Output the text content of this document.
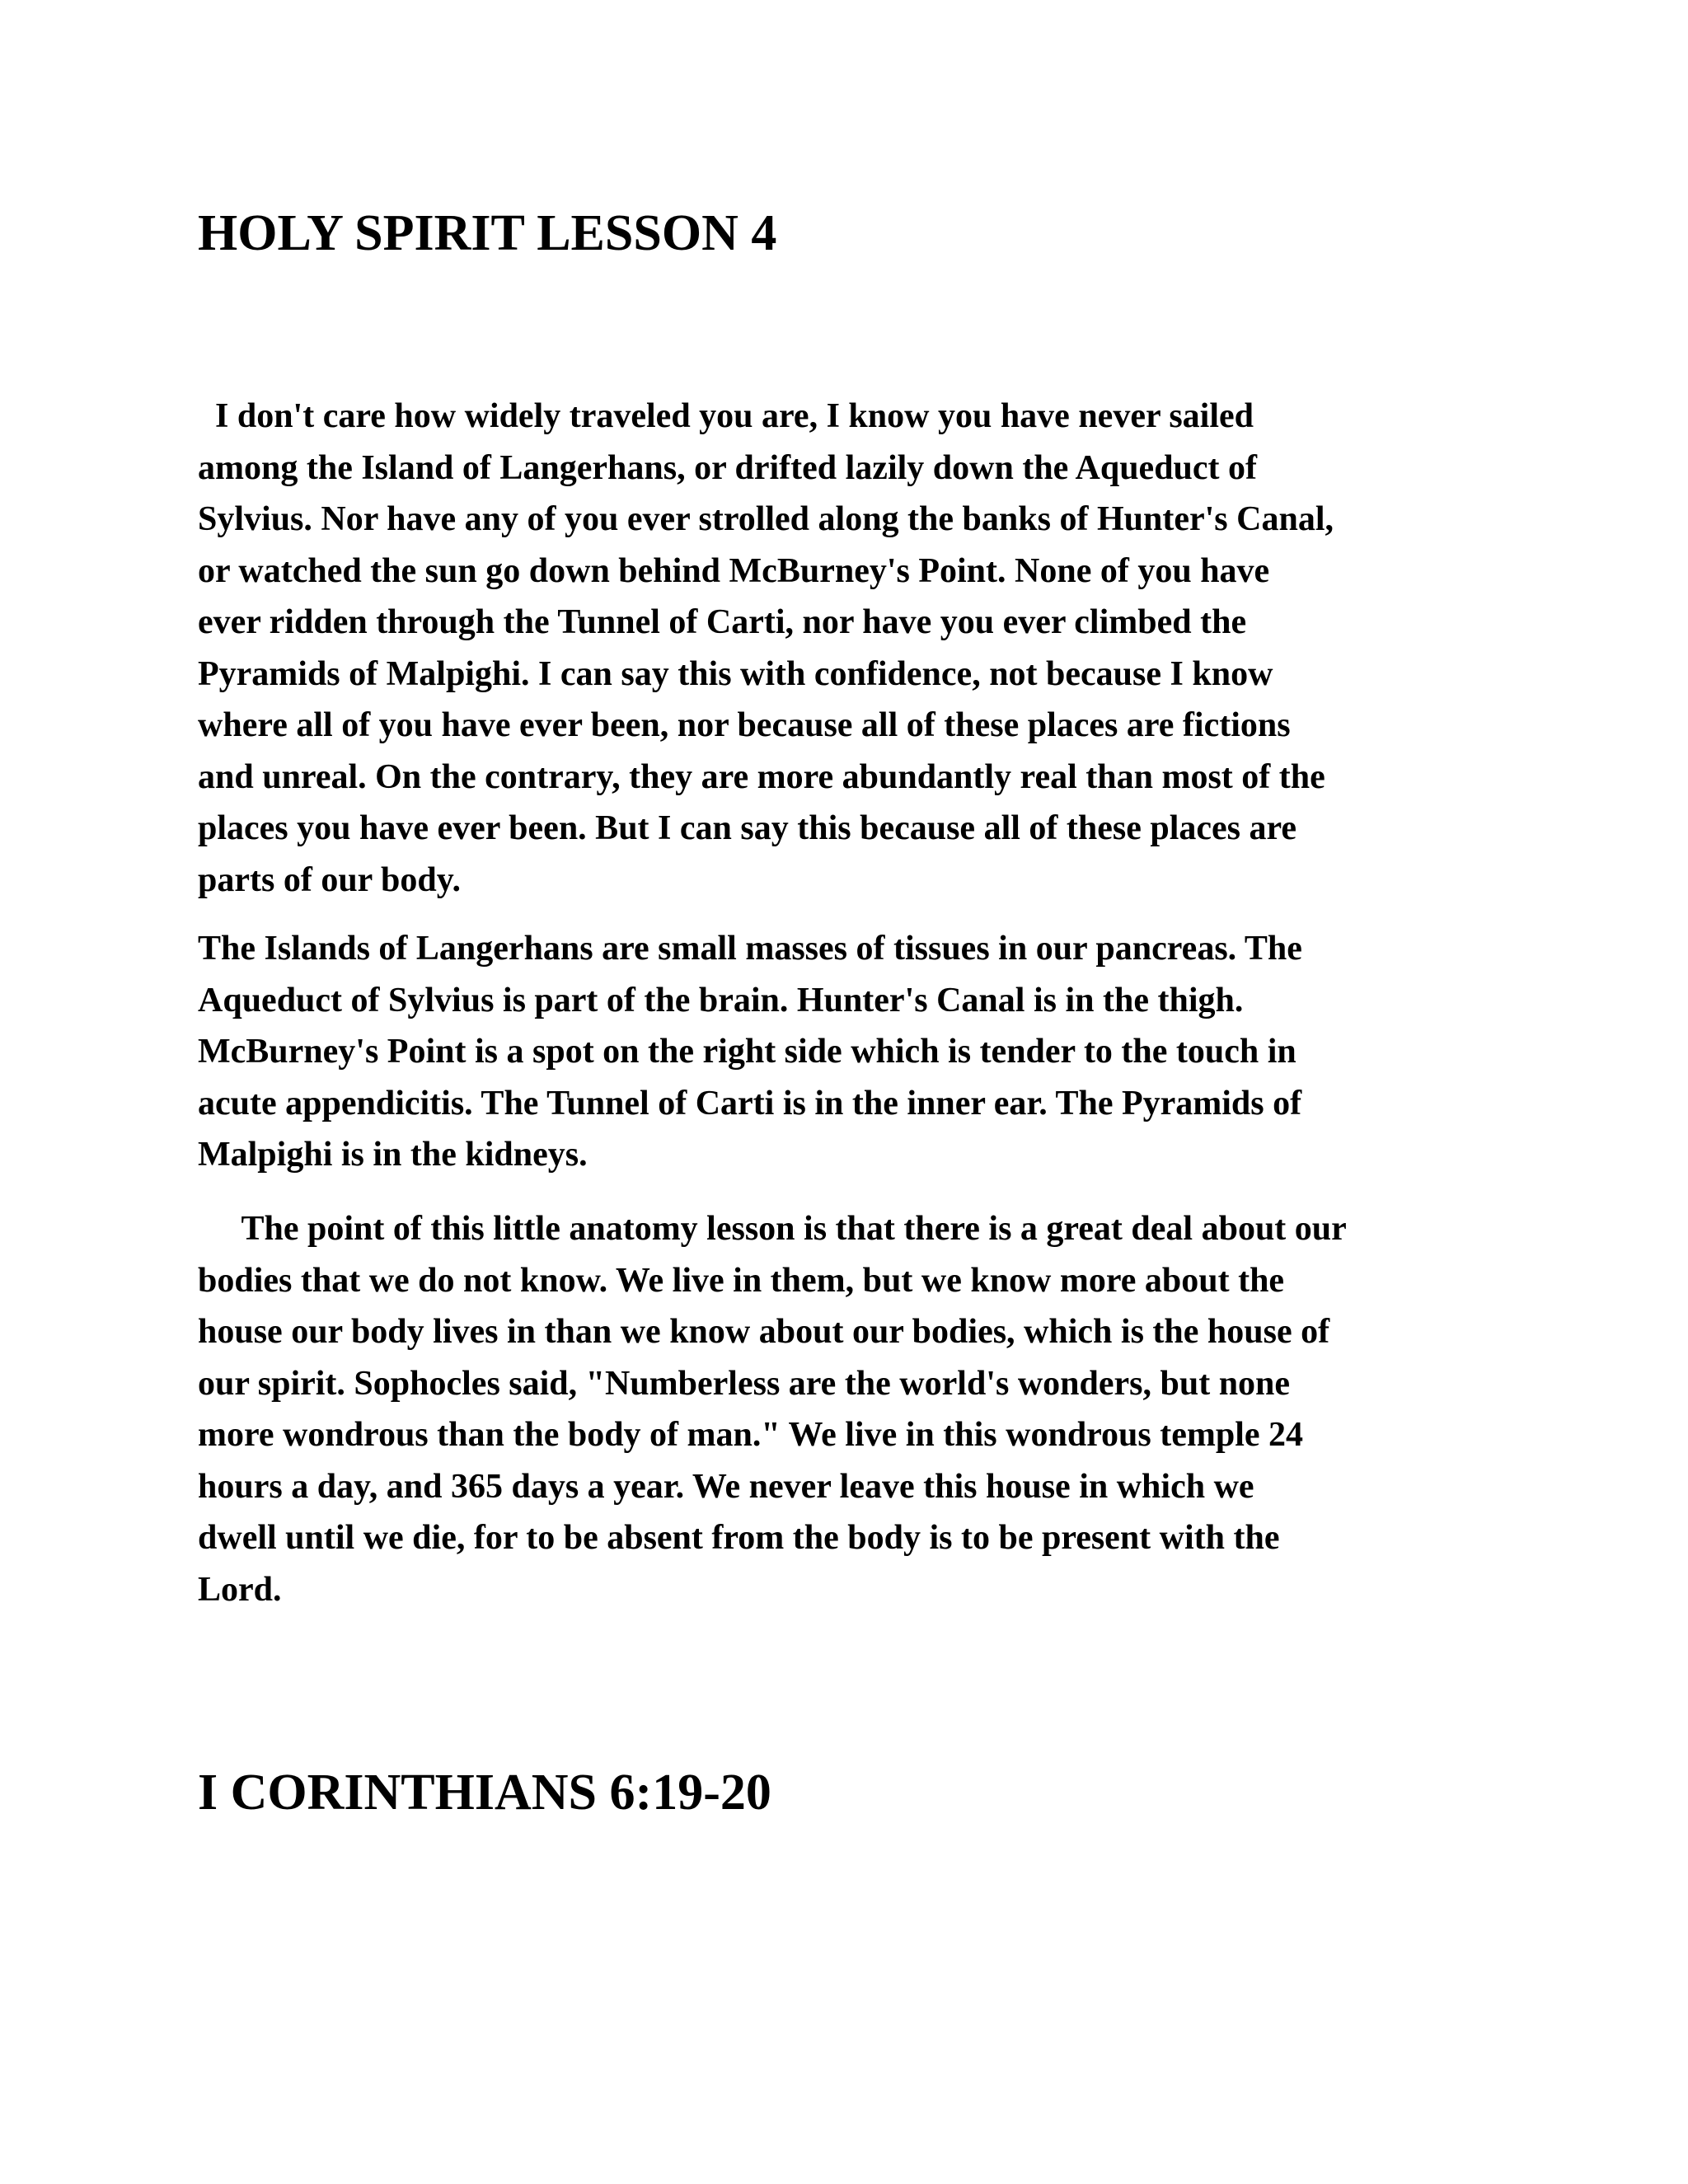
HOLY SPIRIT LESSON 4
I don't care how widely traveled you are, I know you have never sailed
among the Island of Langerhans, or drifted lazily down the Aqueduct of
Sylvius. Nor have any of you ever strolled along the banks of Hunter's Canal,
or watched the sun go down behind McBurney's Point. None of you have
ever ridden through the Tunnel of Carti, nor have you ever climbed the
Pyramids of Malpighi. I can say this with confidence, not because I know
where all of you have ever been, nor because all of these places are fictions
and unreal. On the contrary, they are more abundantly real than most of the
places you have ever been. But I can say this because all of these places are
parts of our body.
The Islands of Langerhans are small masses of tissues in our pancreas. The
Aqueduct of Sylvius is part of the brain. Hunter's Canal is in the thigh.
McBurney's Point is a spot on the right side which is tender to the touch in
acute appendicitis. The Tunnel of Carti is in the inner ear. The Pyramids of
Malpighi is in the kidneys.
The point of this little anatomy lesson is that there is a great deal about our
bodies that we do not know. We live in them, but we know more about the
house our body lives in than we know about our bodies, which is the house of
our spirit. Sophocles said, "Numberless are the world's wonders, but none
more wondrous than the body of man." We live in this wondrous temple 24
hours a day, and 365 days a year. We never leave this house in which we
dwell until we die, for to be absent from the body is to be present with the
Lord.
I CORINTHIANS 6:19-20
